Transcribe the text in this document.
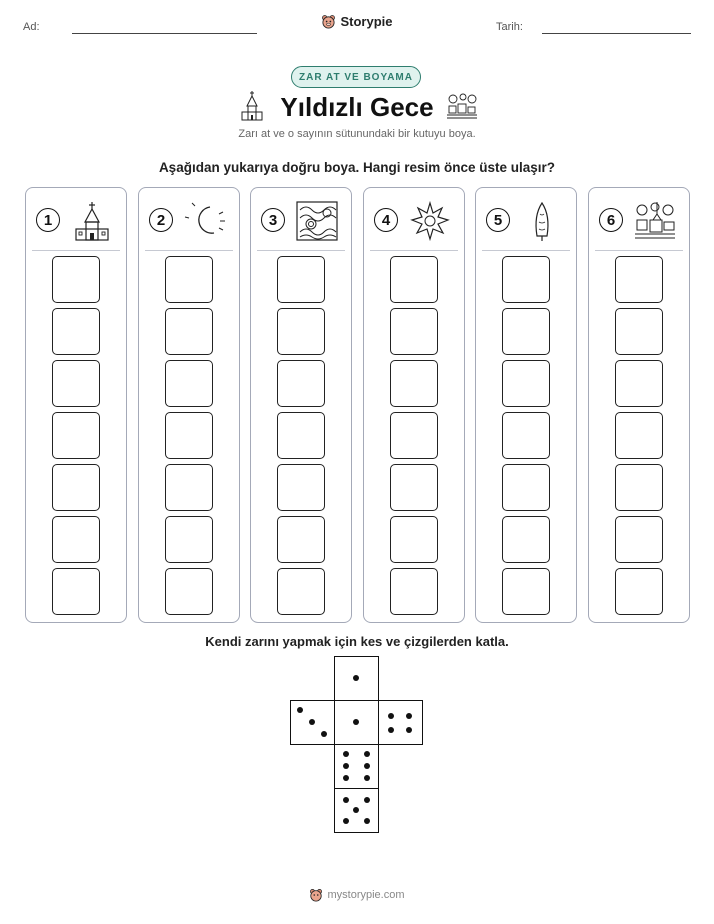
Ad:	Tarih:
Storypie
ZAR AT VE BOYAMA
Yıldızlı Gece
Zarı at ve o sayının sütunundaki bir kutuyu boya.
Aşağıdan yukarıya doğru boya. Hangi resim önce üste ulaşır?
1	2	3	4	5	6
Kendi zarını yapmak için kes ve çizgilerden katla.
mystorypie.com
